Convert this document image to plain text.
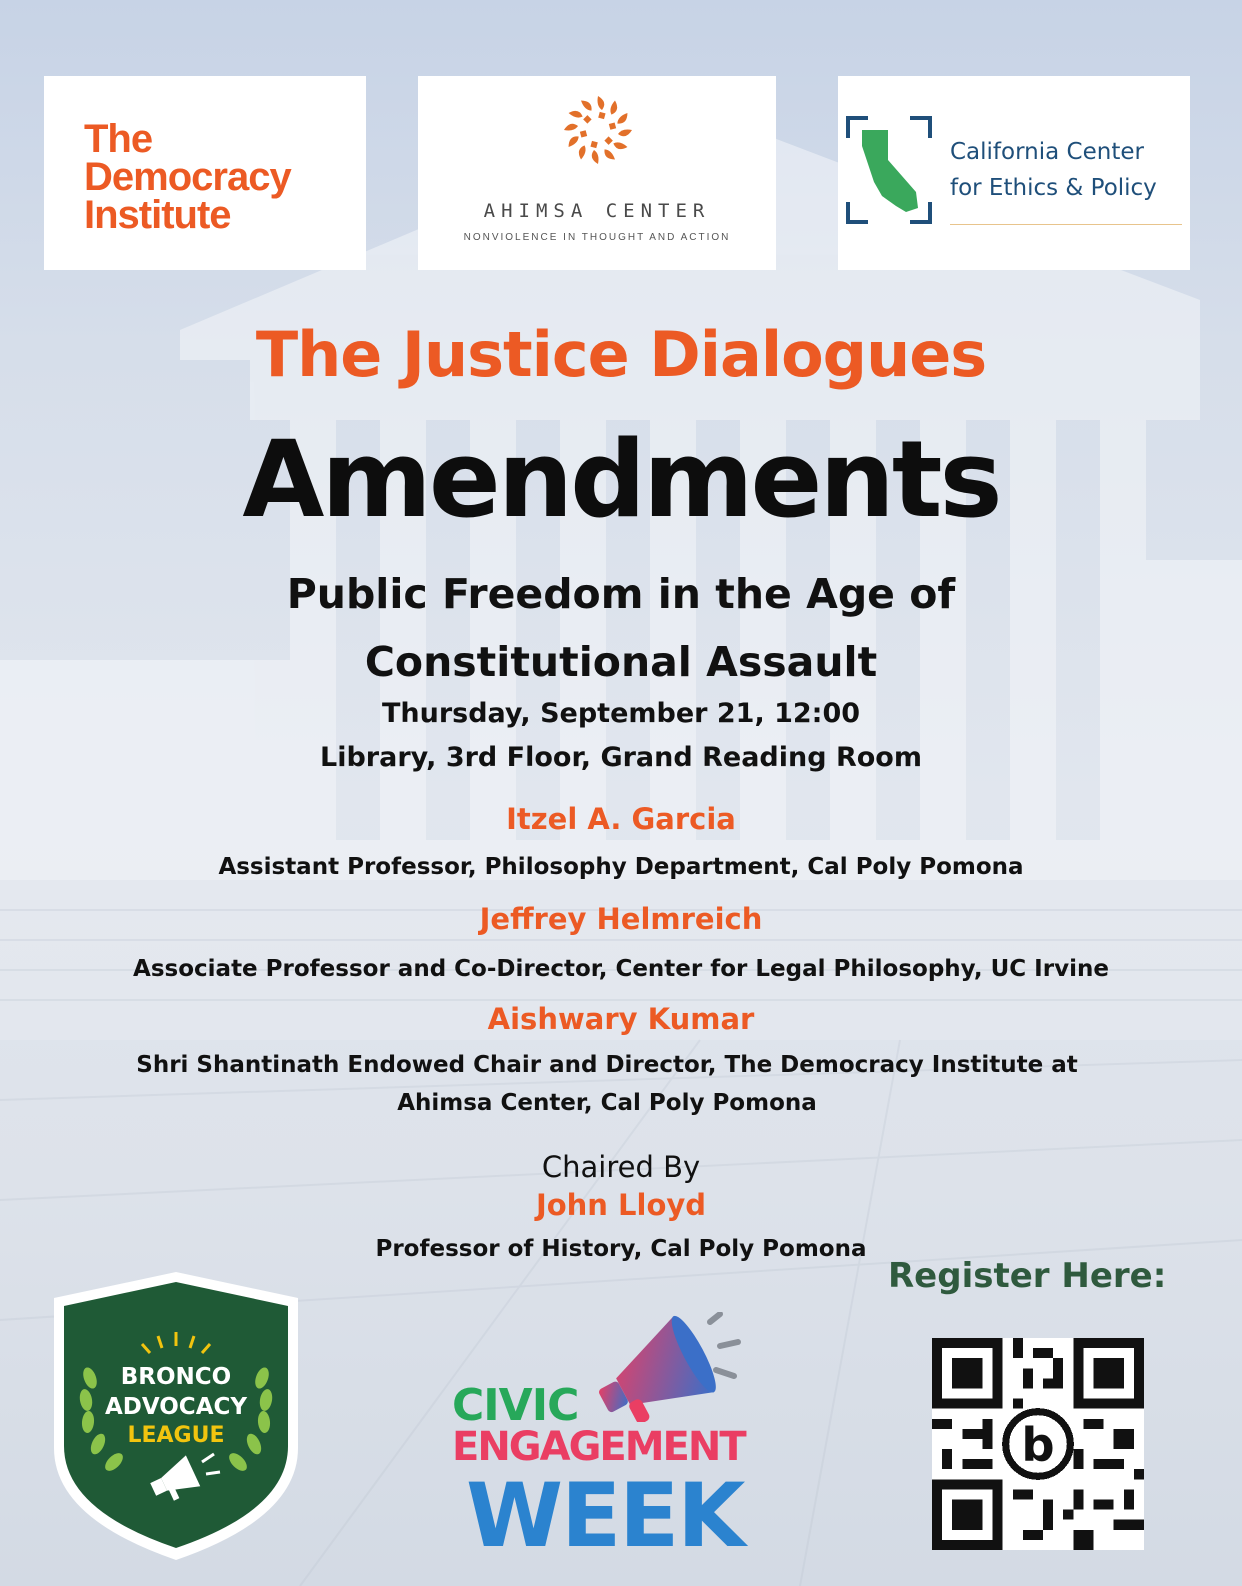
The
Democracy
Institute	AHIMSA CENTER
NONVIOLENCE IN THOUGHT AND ACTION
California Center
for Ethics & Policy
The Justice Dialogues
Amendments
Public Freedom in the Age of
Constitutional Assault
Thursday, September 21, 12:00
Library, 3rd Floor, Grand Reading Room
Itzel A. Garcia
Assistant Professor, Philosophy Department, Cal Poly Pomona
Jeffrey Helmreich
Associate Professor and Co-Director, Center for Legal Philosophy, UC Irvine
Aishwary Kumar
Shri Shantinath Endowed Chair and Director, The Democracy Institute at
Ahimsa Center, Cal Poly Pomona
Chaired By
John Lloyd
Professor of History, Cal Poly Pomona
Register Here:
b
BRONCO
ADVOCACY
LEAGUE
CIVIC
ENGAGEMENT
WEEK
